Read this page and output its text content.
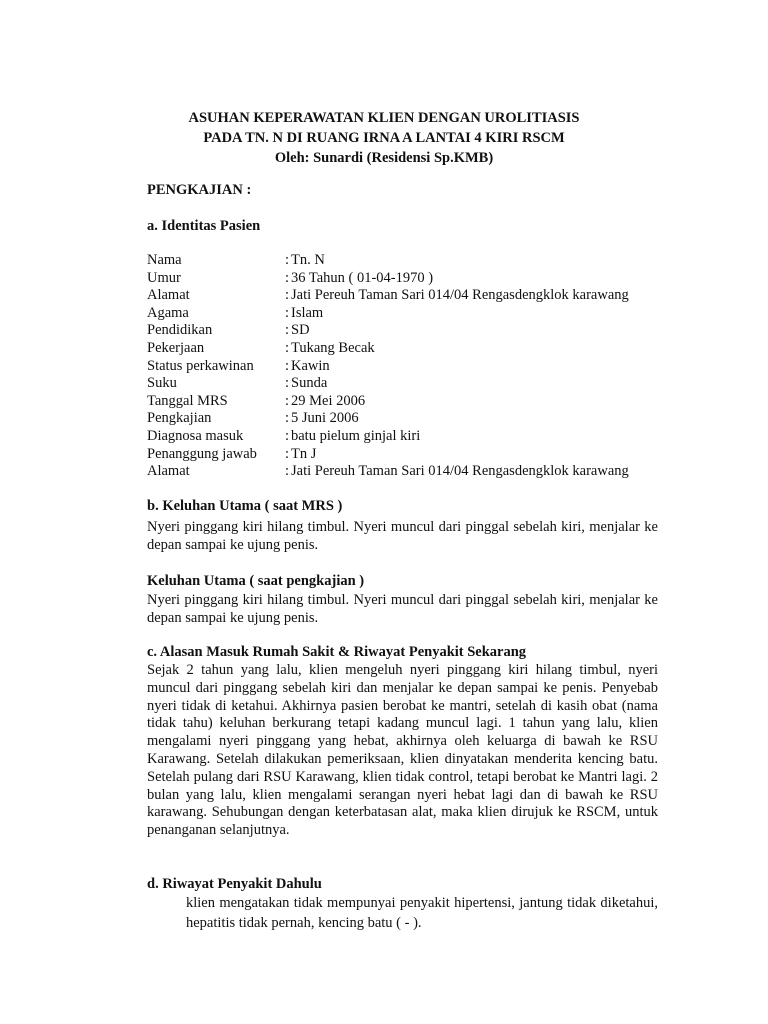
ASUHAN KEPERAWATAN KLIEN DENGAN UROLITIASIS
PADA TN. N DI RUANG IRNA A LANTAI 4 KIRI RSCM
Oleh: Sunardi (Residensi Sp.KMB)
PENGKAJIAN :
a. Identitas Pasien
Nama	: Tn. N
Umur	: 36 Tahun ( 01-04-1970 )
Alamat	: Jati Pereuh Taman Sari 014/04 Rengasdengklok karawang
Agama	: Islam
Pendidikan	: SD
Pekerjaan	: Tukang Becak
Status perkawinan	: Kawin
Suku	: Sunda
Tanggal MRS	: 29 Mei 2006
Pengkajian	: 5 Juni 2006
Diagnosa masuk	: batu pielum ginjal kiri
Penanggung jawab	: Tn J
Alamat	: Jati Pereuh Taman Sari 014/04 Rengasdengklok karawang
b. Keluhan Utama ( saat MRS )
Nyeri pinggang kiri hilang timbul. Nyeri muncul dari pinggal sebelah kiri, menjalar ke depan sampai ke ujung penis.
Keluhan Utama ( saat pengkajian )
Nyeri pinggang kiri hilang timbul. Nyeri muncul dari pinggal sebelah kiri, menjalar ke depan sampai ke ujung penis.
c. Alasan Masuk Rumah Sakit & Riwayat Penyakit Sekarang
Sejak 2 tahun yang lalu, klien mengeluh nyeri pinggang kiri hilang timbul, nyeri muncul dari pinggang sebelah kiri dan menjalar ke depan sampai ke penis. Penyebab nyeri tidak di ketahui. Akhirnya pasien berobat ke mantri, setelah di kasih obat (nama tidak tahu) keluhan berkurang tetapi kadang muncul lagi. 1 tahun yang lalu, klien mengalami nyeri pinggang yang hebat, akhirnya oleh keluarga di bawah ke RSU Karawang. Setelah dilakukan pemeriksaan, klien dinyatakan menderita kencing batu. Setelah pulang dari RSU Karawang, klien tidak control, tetapi berobat ke Mantri lagi. 2 bulan yang lalu, klien mengalami serangan nyeri hebat lagi dan di bawah ke RSU karawang. Sehubungan dengan keterbatasan alat, maka klien dirujuk ke RSCM, untuk penanganan selanjutnya.
d. Riwayat Penyakit Dahulu
klien mengatakan tidak mempunyai penyakit hipertensi, jantung tidak diketahui, hepatitis tidak pernah, kencing batu ( - ).
